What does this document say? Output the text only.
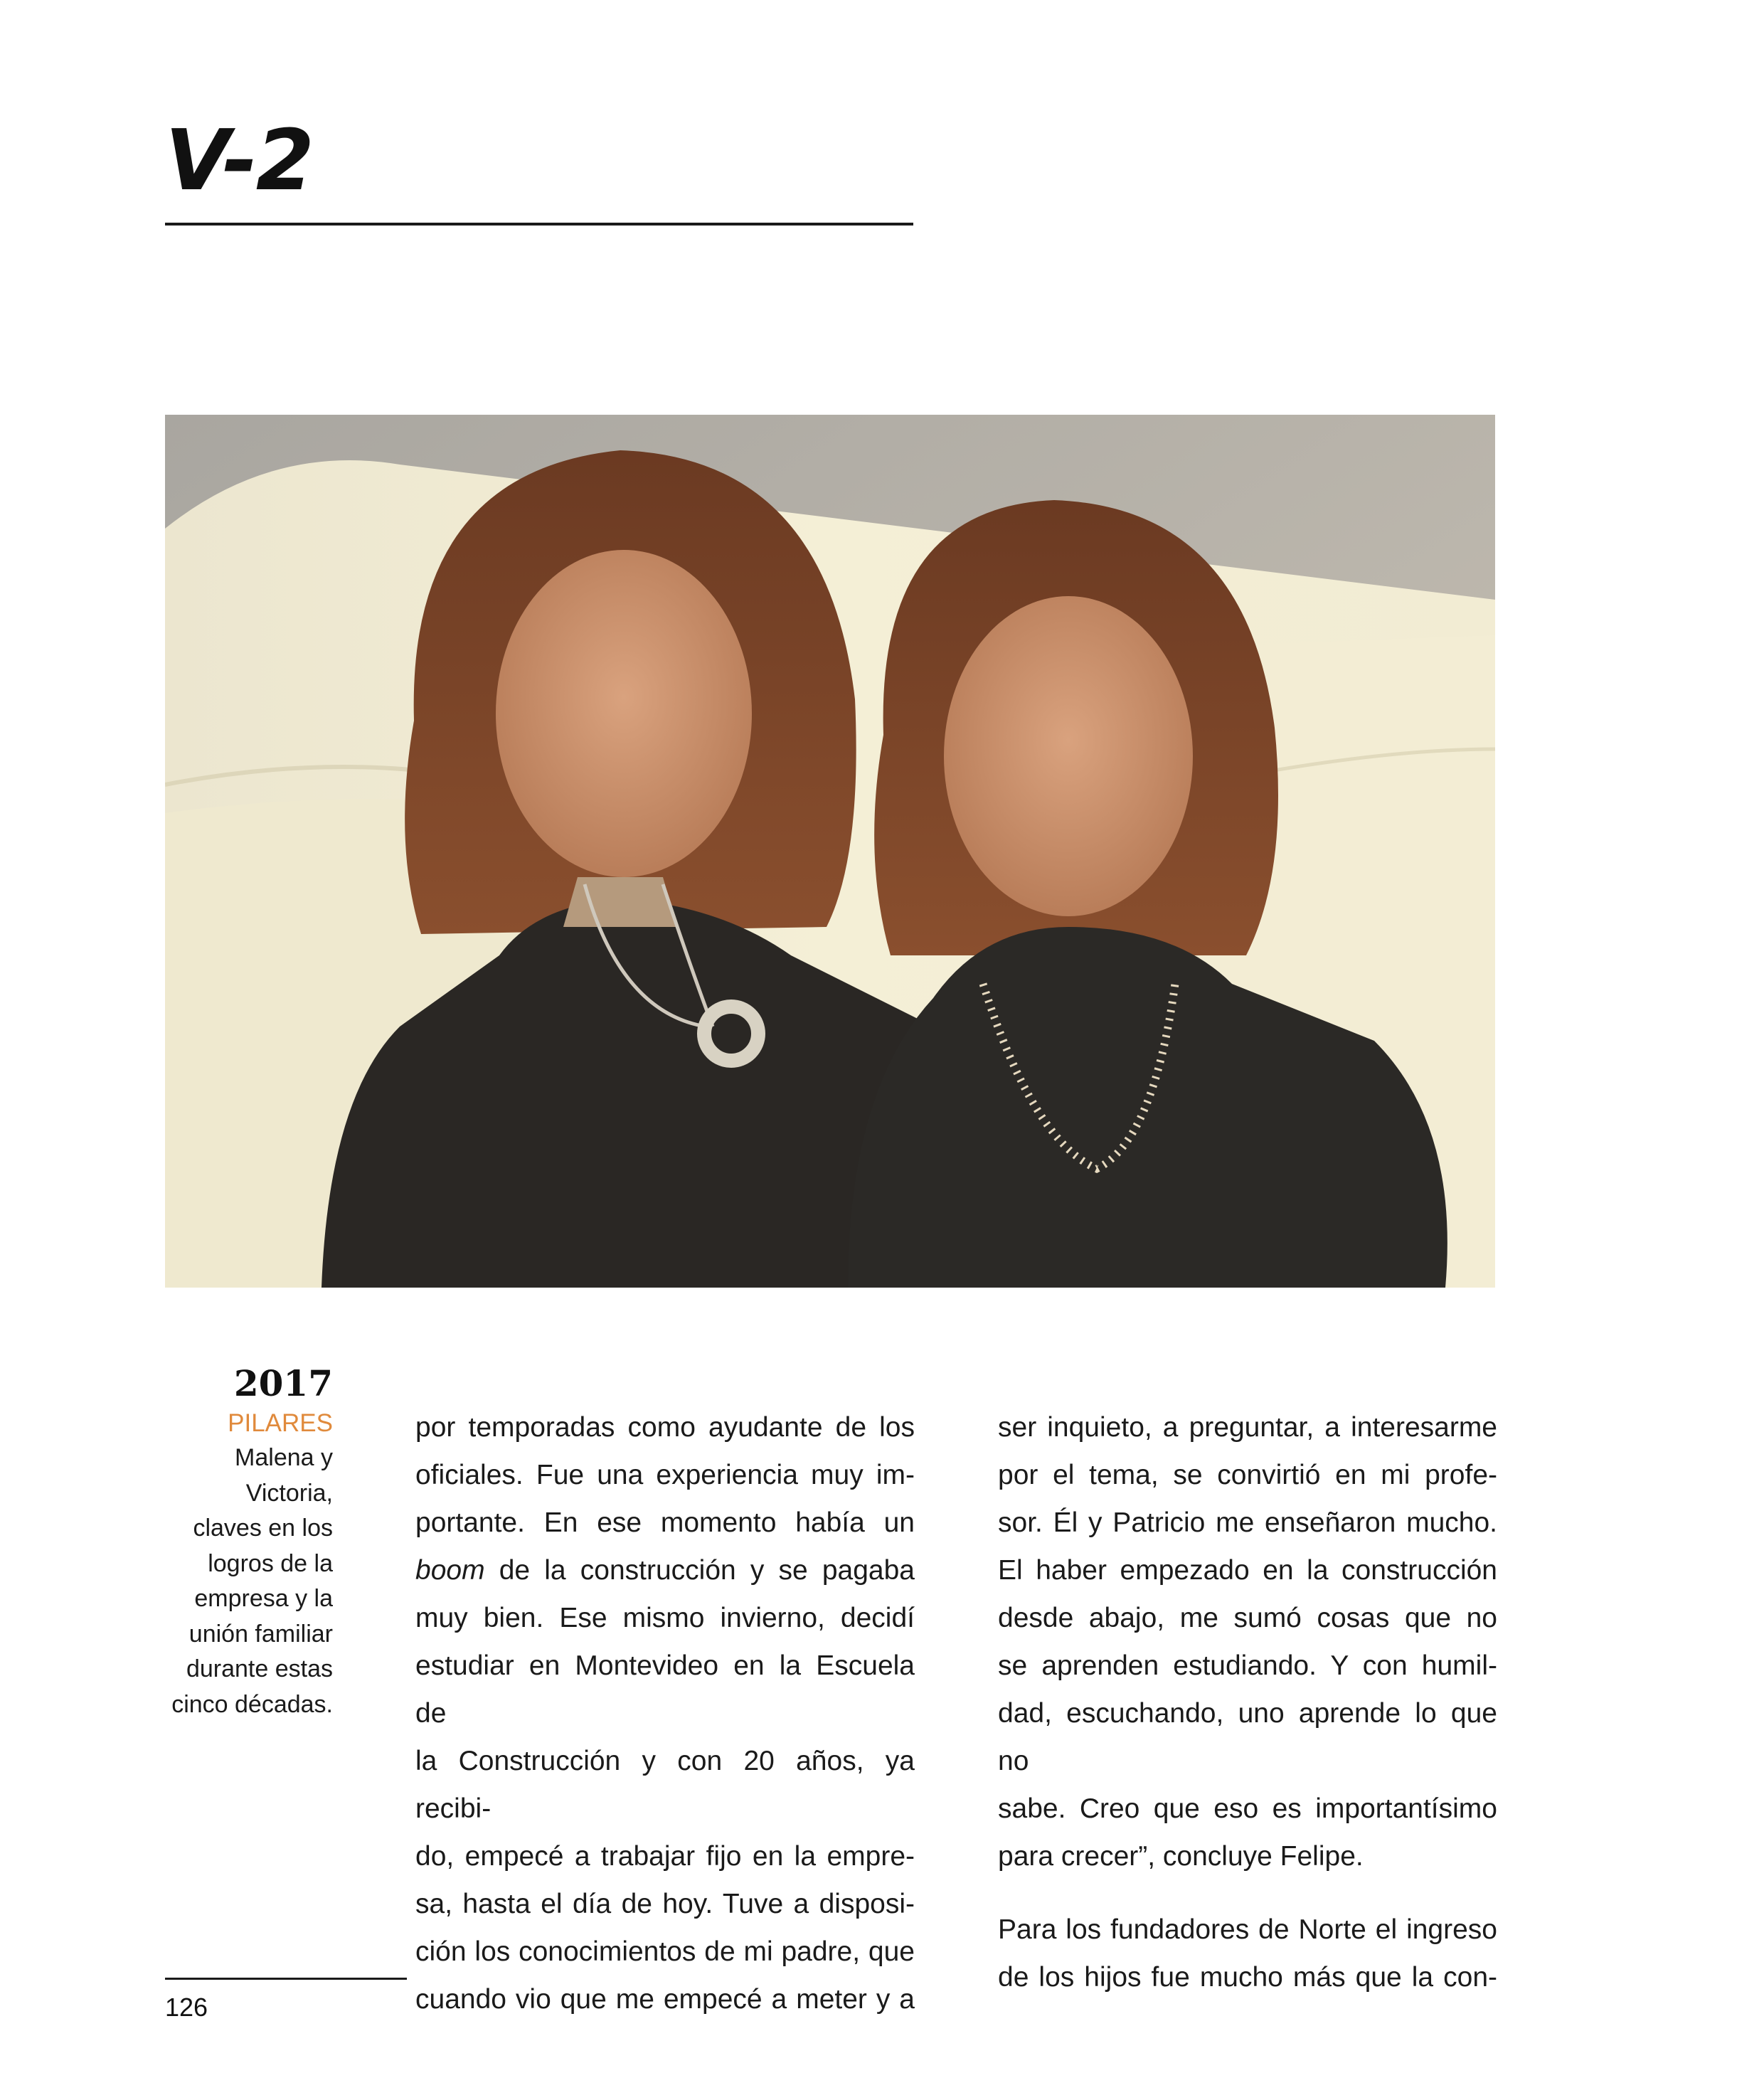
V-2
2017
PILARES
Malena y
Victoria,
claves en los
logros de la
empresa y la
unión familiar
durante estas
cinco décadas.

por temporadas como ayudante de los

oficiales. Fue una experiencia muy im-

portante. En ese momento había un

boom de la construcción y se pagaba

muy bien. Ese mismo invierno, decidí

estudiar en Montevideo en la Escuela de

la Construcción y con 20 años, ya recibi-

do, empecé a trabajar fijo en la empre-

sa, hasta el día de hoy. Tuve a disposi-

ción los conocimientos de mi padre, que

cuando vio que me empecé a meter y a

ser inquieto, a preguntar, a interesarme

por el tema, se convirtió en mi profe-

sor. Él y Patricio me enseñaron mucho.

El haber empezado en la construcción

desde abajo, me sumó cosas que no

se aprenden estudiando. Y con humil-

dad, escuchando, uno aprende lo que no

sabe. Creo que eso es importantísimo

para crecer”, concluye Felipe.

Para los fundadores de Norte el ingreso

de los hijos fue mucho más que la con-

126
